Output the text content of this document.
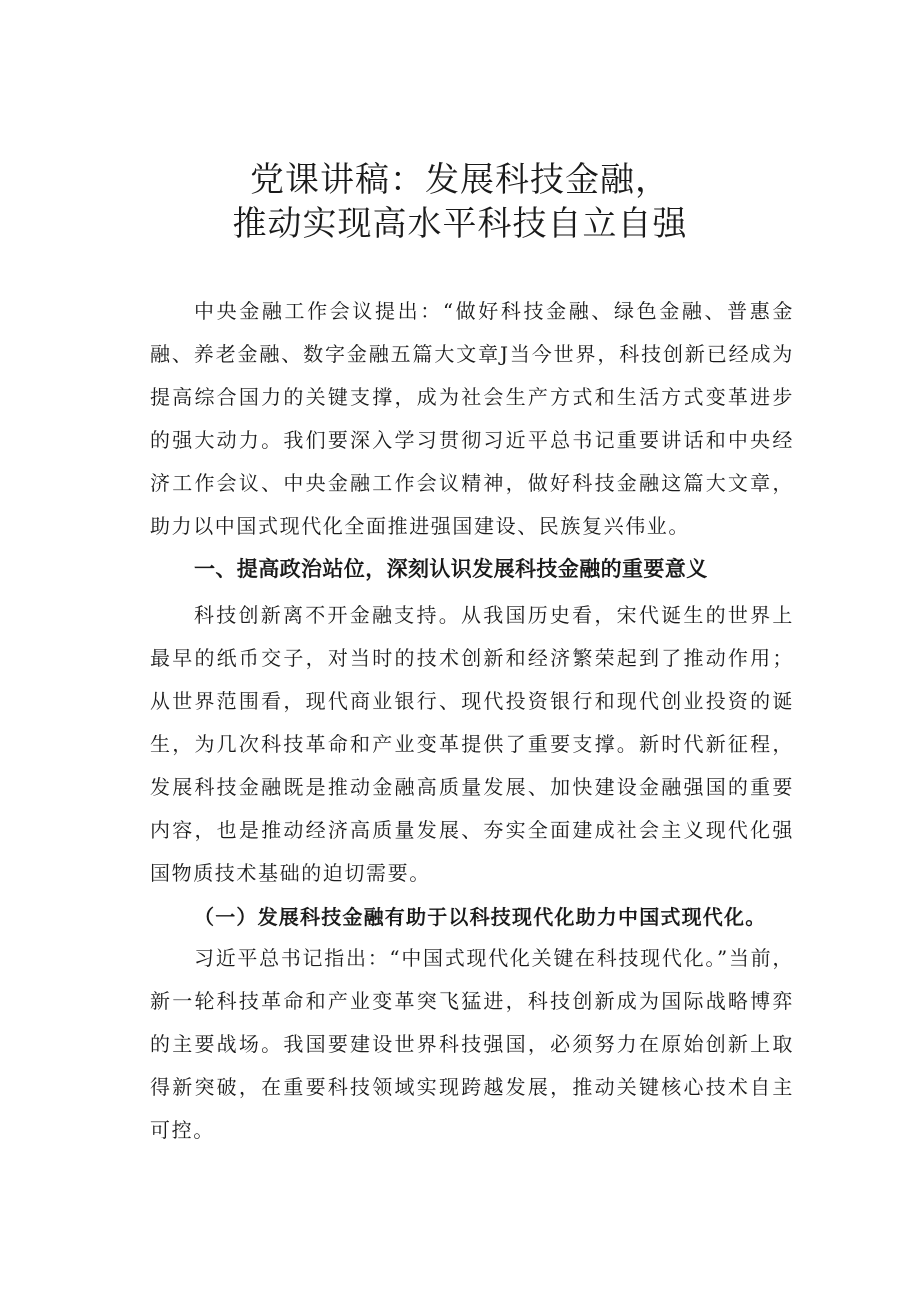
党课讲稿：发展科技金融，
推动实现高水平科技自立自强

中央金融工作会议提出：“做好科技金融、绿色金融、普惠金融、养老金融、数字金融五篇大文章J当今世界，科技创新已经成为提高综合国力的关键支撑，成为社会生产方式和生活方式变革进步的强大动力。我们要深入学习贯彻习近平总书记重要讲话和中央经济工作会议、中央金融工作会议精神，做好科技金融这篇大文章，助力以中国式现代化全面推进强国建设、民族复兴伟业。

一、提高政治站位，深刻认识发展科技金融的重要意义

科技创新离不开金融支持。从我国历史看，宋代诞生的世界上最早的纸币交子，对当时的技术创新和经济繁荣起到了推动作用；从世界范围看，现代商业银行、现代投资银行和现代创业投资的诞生，为几次科技革命和产业变革提供了重要支撑。新时代新征程，发展科技金融既是推动金融高质量发展、加快建设金融强国的重要内容，也是推动经济高质量发展、夯实全面建成社会主义现代化强国物质技术基础的迫切需要。

（一）发展科技金融有助于以科技现代化助力中国式现代化。

习近平总书记指出：“中国式现代化关键在科技现代化。”当前，新一轮科技革命和产业变革突飞猛进，科技创新成为国际战略博弈的主要战场。我国要建设世界科技强国，必须努力在原始创新上取得新突破，在重要科技领域实现跨越发展，推动关键核心技术自主可控。
